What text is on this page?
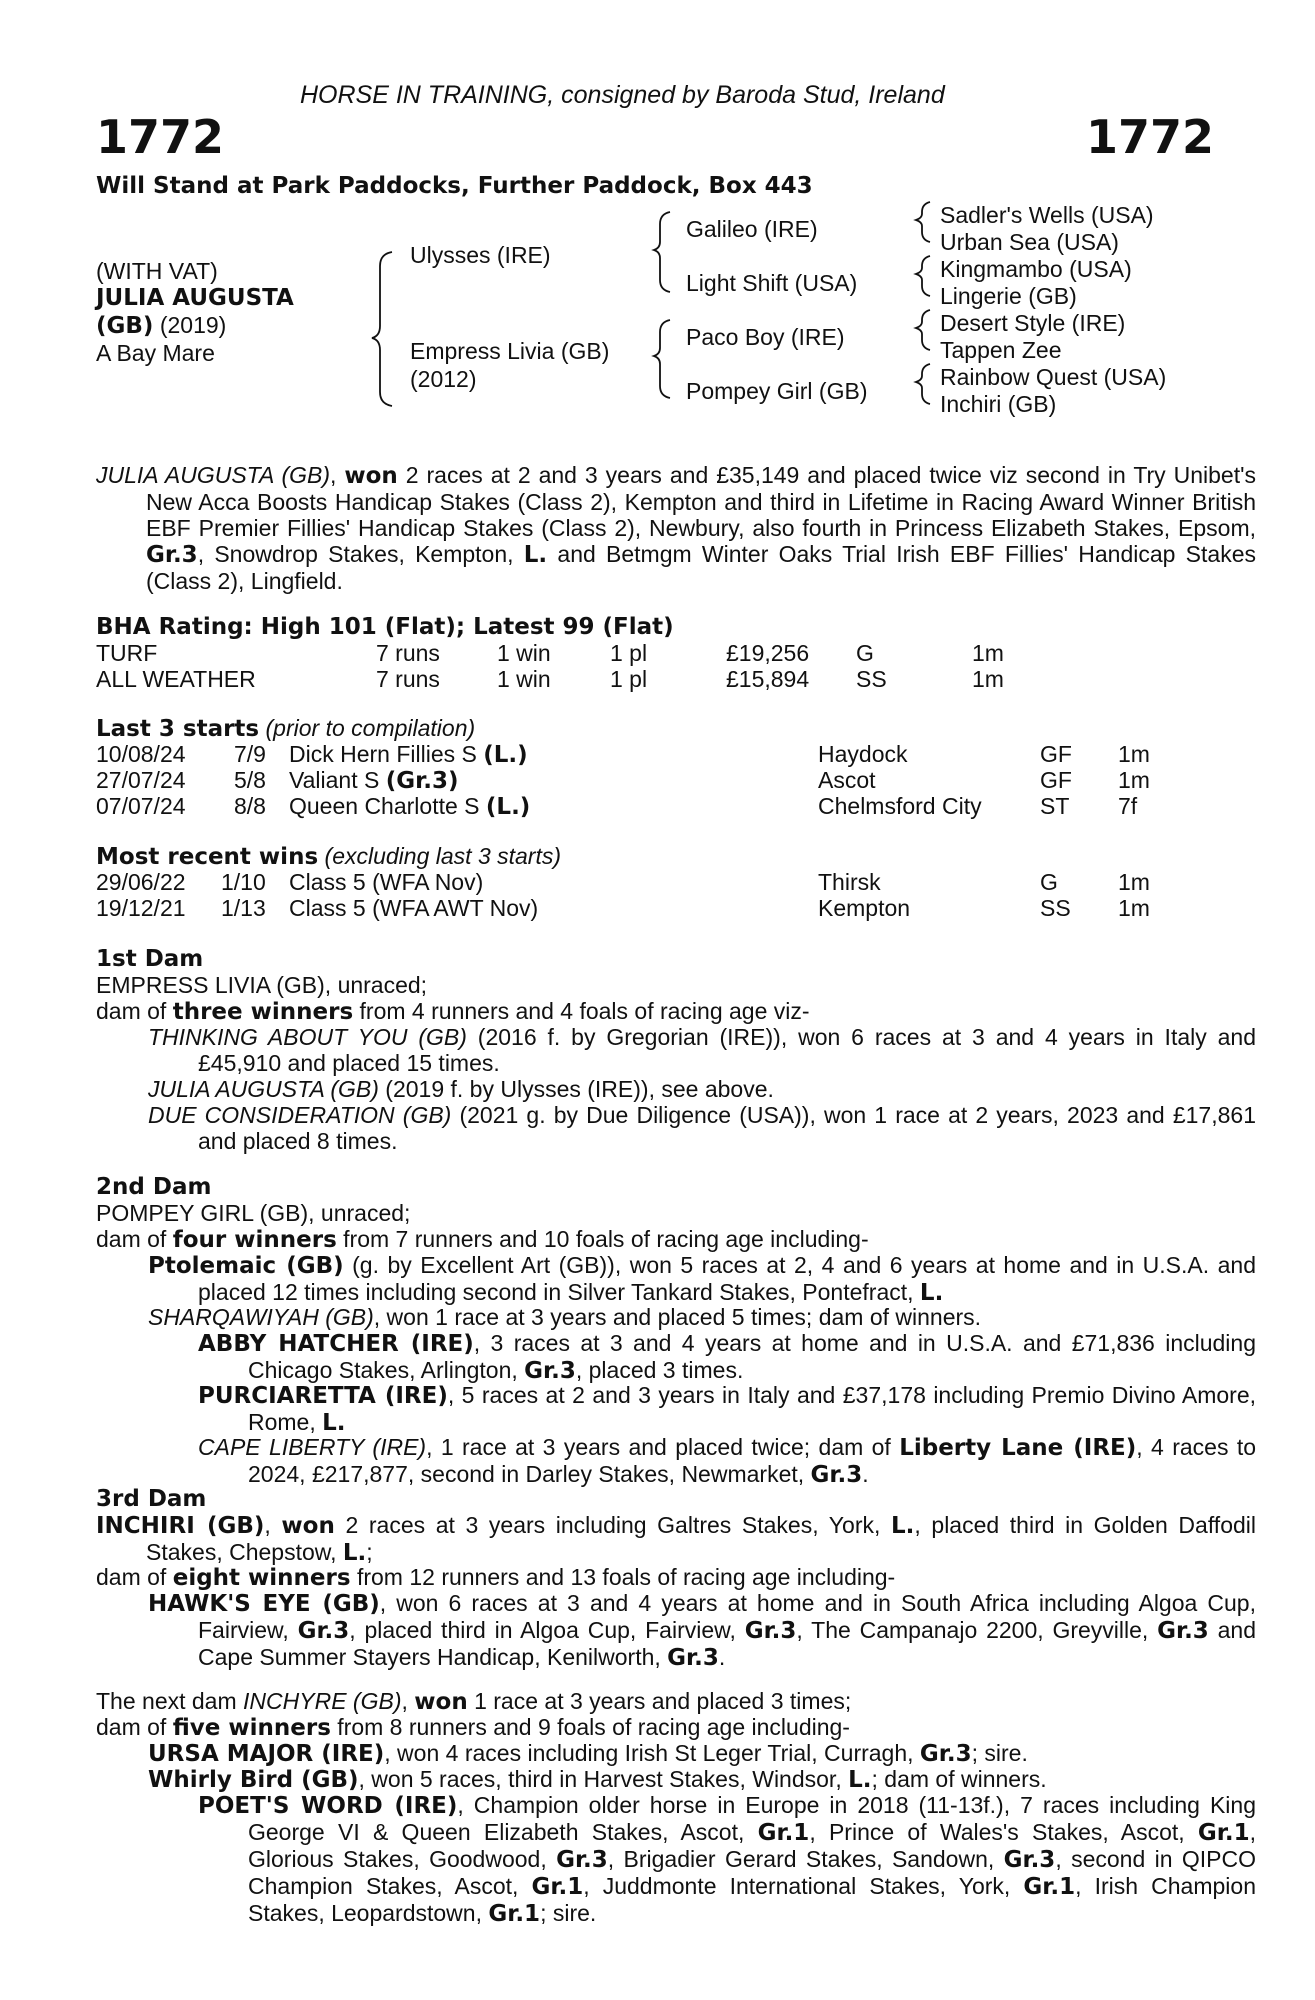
HORSE IN TRAINING, consigned by Baroda Stud, Ireland
1772	1772
Will Stand at Park Paddocks, Further Paddock, Box 443
(WITH VAT)
JULIA AUGUSTA
(GB) (2019)
A Bay Mare
Ulysses (IRE)
Empress Livia (GB)
(2012)
Galileo (IRE)
Light Shift (USA)
Paco Boy (IRE)
Pompey Girl (GB)
Sadler's Wells (USA)
Urban Sea (USA)
Kingmambo (USA)
Lingerie (GB)
Desert Style (IRE)
Tappen Zee
Rainbow Quest (USA)
Inchiri (GB)
JULIA AUGUSTA (GB), won 2 races at 2 and 3 years and £35,149 and placed twice viz second in Try Unibet's New Acca Boosts Handicap Stakes (Class 2), Kempton and third in Lifetime in Racing Award Winner British EBF Premier Fillies' Handicap Stakes (Class 2), Newbury, also fourth in Princess Elizabeth Stakes, Epsom, Gr.3, Snowdrop Stakes, Kempton, L. and Betmgm Winter Oaks Trial Irish EBF Fillies' Handicap Stakes (Class 2), Lingfield.
BHA Rating: High 101 (Flat); Latest 99 (Flat)
TURF	7 runs 1 win	1 pl	£19,256 G	1m
ALL WEATHER	7 runs 1 win	1 pl	£15,894 SS	1m
Last 3 starts (prior to compilation)
10/08/24 7/9 Dick Hern Fillies S (L.)	Haydock	GF 1m
27/07/24 5/8 Valiant S (Gr.3)	Ascot	GF 1m
07/07/24 8/8 Queen Charlotte S (L.)	Chelmsford City	ST 7f
Most recent wins (excluding last 3 starts)
29/06/22 1/10 Class 5 (WFA Nov)	Thirsk	G	1m
19/12/21 1/13 Class 5 (WFA AWT Nov)	Kempton	SS 1m
1st Dam
EMPRESS LIVIA (GB), unraced;
dam of three winners from 4 runners and 4 foals of racing age viz-
THINKING ABOUT YOU (GB) (2016 f. by Gregorian (IRE)), won 6 races at 3 and 4 years in Italy and £45,910 and placed 15 times.
JULIA AUGUSTA (GB) (2019 f. by Ulysses (IRE)), see above.
DUE CONSIDERATION (GB) (2021 g. by Due Diligence (USA)), won 1 race at 2 years, 2023 and £17,861 and placed 8 times.
2nd Dam
POMPEY GIRL (GB), unraced;
dam of four winners from 7 runners and 10 foals of racing age including-
Ptolemaic (GB) (g. by Excellent Art (GB)), won 5 races at 2, 4 and 6 years at home and in U.S.A. and placed 12 times including second in Silver Tankard Stakes, Pontefract, L.
SHARQAWIYAH (GB), won 1 race at 3 years and placed 5 times; dam of winners.
ABBY HATCHER (IRE), 3 races at 3 and 4 years at home and in U.S.A. and £71,836 including Chicago Stakes, Arlington, Gr.3, placed 3 times.
PURCIARETTA (IRE), 5 races at 2 and 3 years in Italy and £37,178 including Premio Divino Amore, Rome, L.
CAPE LIBERTY (IRE), 1 race at 3 years and placed twice; dam of Liberty Lane (IRE), 4 races to 2024, £217,877, second in Darley Stakes, Newmarket, Gr.3.
3rd Dam
INCHIRI (GB), won 2 races at 3 years including Galtres Stakes, York, L., placed third in Golden Daffodil Stakes, Chepstow, L.;
dam of eight winners from 12 runners and 13 foals of racing age including-
HAWK'S EYE (GB), won 6 races at 3 and 4 years at home and in South Africa including Algoa Cup, Fairview, Gr.3, placed third in Algoa Cup, Fairview, Gr.3, The Campanajo 2200, Greyville, Gr.3 and Cape Summer Stayers Handicap, Kenilworth, Gr.3.
The next dam INCHYRE (GB), won 1 race at 3 years and placed 3 times;
dam of five winners from 8 runners and 9 foals of racing age including-
URSA MAJOR (IRE), won 4 races including Irish St Leger Trial, Curragh, Gr.3; sire.
Whirly Bird (GB), won 5 races, third in Harvest Stakes, Windsor, L.; dam of winners.
POET'S WORD (IRE), Champion older horse in Europe in 2018 (11-13f.), 7 races including King George VI & Queen Elizabeth Stakes, Ascot, Gr.1, Prince of Wales's Stakes, Ascot, Gr.1, Glorious Stakes, Goodwood, Gr.3, Brigadier Gerard Stakes, Sandown, Gr.3, second in QIPCO Champion Stakes, Ascot, Gr.1, Juddmonte International Stakes, York, Gr.1, Irish Champion Stakes, Leopardstown, Gr.1; sire.
